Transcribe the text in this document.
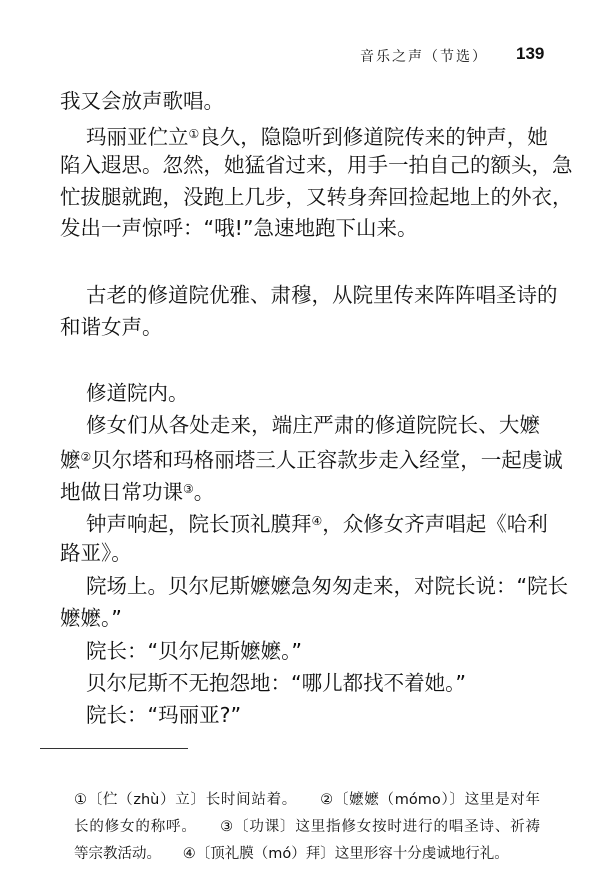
音乐之声（节选） 139
我又会放声歌唱。
玛丽亚伫立①良久，隐隐听到修道院传来的钟声，她
陷入遐思。忽然，她猛省过来，用手一拍自己的额头，急
忙拔腿就跑，没跑上几步，又转身奔回捡起地上的外衣，
发出一声惊呼：“哦!”急速地跑下山来。
古老的修道院优雅、肃穆，从院里传来阵阵唱圣诗的
和谐女声。
修道院内。
修女们从各处走来，端庄严肃的修道院院长、大嬷
嬷②贝尔塔和玛格丽塔三人正容款步走入经堂，一起虔诚
地做日常功课③。
钟声响起，院长顶礼膜拜④，众修女齐声唱起《哈利
路亚》。
院场上。贝尔尼斯嬷嬷急匆匆走来，对院长说：“院长
嬷嬷。”
院长：“贝尔尼斯嬷嬷。”
贝尔尼斯不无抱怨地：“哪儿都找不着她。”
院长：“玛丽亚?”
①〔伫（zhù）立〕长时间站着。　　②〔嬷嬷（mómo）〕这里是对年
长的修女的称呼。　　③〔功课〕这里指修女按时进行的唱圣诗、祈祷
等宗教活动。　　④〔顶礼膜（mó）拜〕这里形容十分虔诚地行礼。
